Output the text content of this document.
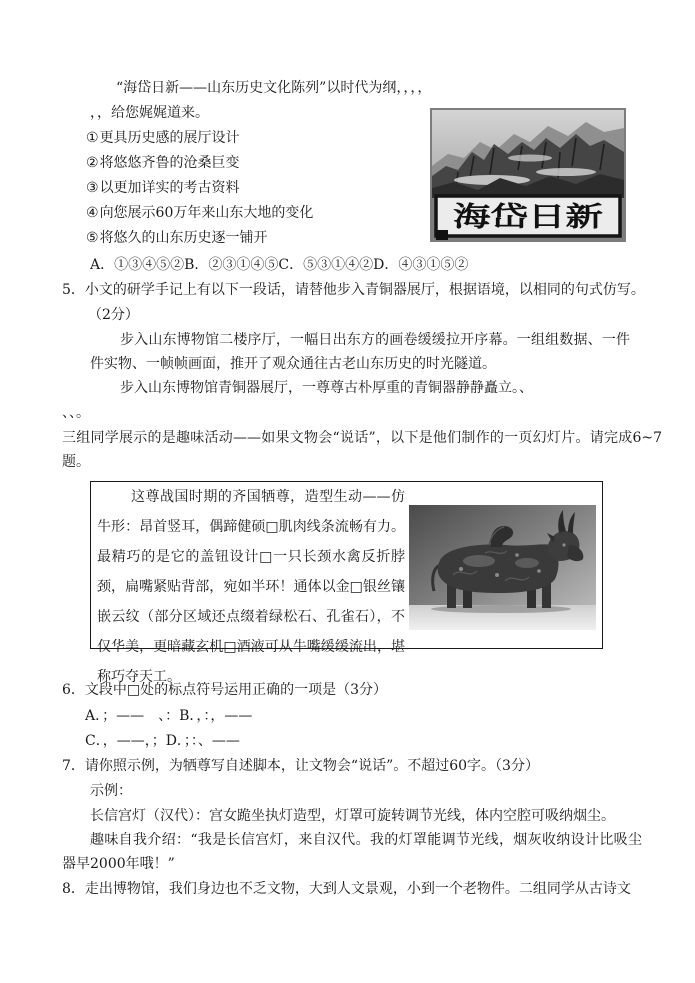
“海岱日新——山东历史文化陈列”以时代为纲，，，，
，，给您娓娓道来。
①更具历史感的展厅设计
②将悠悠齐鲁的沧桑巨变
③以更加详实的考古资料
④向您展示60万年来山东大地的变化
⑤将悠久的山东历史逐一铺开
A．①③④⑤②B．②③①④⑤C．⑤③①④②D．④③①⑤②
海岱日新
5．小文的研学手记上有以下一段话，请替他步入青铜器展厅，根据语境，以相同的句式仿写。
（2分）
步入山东博物馆二楼序厅，一幅日出东方的画卷缓缓拉开序幕。一组组数据、一件件实物、一帧帧画面，推开了观众通往古老山东历史的时光隧道。
步入山东博物馆青铜器展厅，一尊尊古朴厚重的青铜器静静矗立。、
、、。
三组同学展示的是趣味活动——如果文物会“说话”，以下是他们制作的一页幻灯片。请完成6~7题。

这尊战国时期的齐国牺尊，造型生动——仿牛形：昂首竖耳，偶蹄健硕□肌肉线条流畅有力。最精巧的是它的盖钮设计□一只长颈水禽反折脖颈，扁嘴紧贴背部，宛如半环！通体以金□银丝镶嵌云纹（部分区域还点缀着绿松石、孔雀石），不仅华美，更暗藏玄机□酒液可从牛嘴缓缓流出，堪称巧夺天工。

6．文段中□处的标点符号运用正确的一项是（3分）
A．；——　、：B．，：，——
C．，——，；D．；：、——
7．请你照示例，为牺尊写自述脚本，让文物会“说话”。不超过60字。（3分）
示例：
长信宫灯（汉代）：宫女跪坐执灯造型，灯罩可旋转调节光线，体内空腔可吸纳烟尘。
趣味自我介绍：“我是长信宫灯，来自汉代。我的灯罩能调节光线，烟灰收纳设计比吸尘器早2000年哦！”
8．走出博物馆，我们身边也不乏文物，大到人文景观，小到一个老物件。二组同学从古诗文
